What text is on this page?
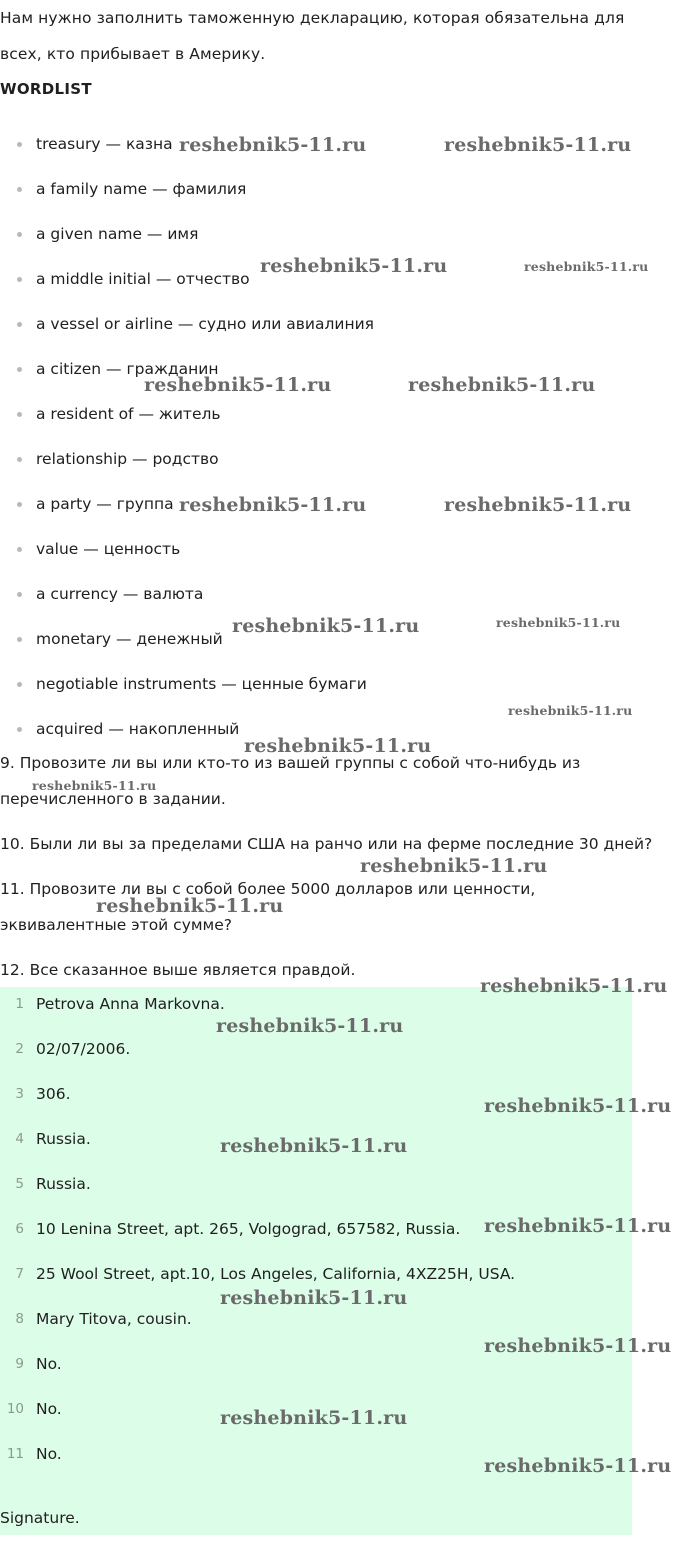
Нам нужно заполнить таможенную декларацию, которая обязательна для

всех, кто прибывает в Америку.

WORDLIST
treasury — казна
a family name — фамилия
a given name — имя
a middle initial — отчество
a vessel or airline — судно или авиалиния
a citizen — гражданин
a resident of — житель
relationship — родство
a party — группа
value — ценность
a currency — валюта
monetary — денежный
negotiable instruments — ценные бумаги
acquired — накопленный

9. Провозите ли вы или кто-то из вашей группы с собой что-нибудь из

перечисленного в задании.

10. Были ли вы за пределами США на ранчо или на ферме последние 30 дней?

11. Провозите ли вы с собой более 5000 долларов или ценности,

эквивалентные этой сумме?

12. Все сказанное выше является правдой.

1 Petrova Anna Markovna.
2 02/07/2006.
3 306.
4 Russia.
5 Russia.
6 10 Lenina Street, apt. 265, Volgograd, 657582, Russia.
7 25 Wool Street, apt.10, Los Angeles, California, 4XZ25H, USA.
8 Mary Titova, cousin.
9 No.
10 No.
11 No.
Signature.
reshebnik5-11.ru	reshebnik5-11.ru
reshebnik5-11.ru	reshebnik5-11.ru
reshebnik5-11.ru	reshebnik5-11.ru
reshebnik5-11.ru	reshebnik5-11.ru
reshebnik5-11.ru	reshebnik5-11.ru
reshebnik5-11.ru
reshebnik5-11.ru
reshebnik5-11.ru
reshebnik5-11.ru
reshebnik5-11.ru
reshebnik5-11.ru
reshebnik5-11.ru
reshebnik5-11.ru
reshebnik5-11.ru
reshebnik5-11.ru
reshebnik5-11.ru
reshebnik5-11.ru
reshebnik5-11.ru
reshebnik5-11.ru
